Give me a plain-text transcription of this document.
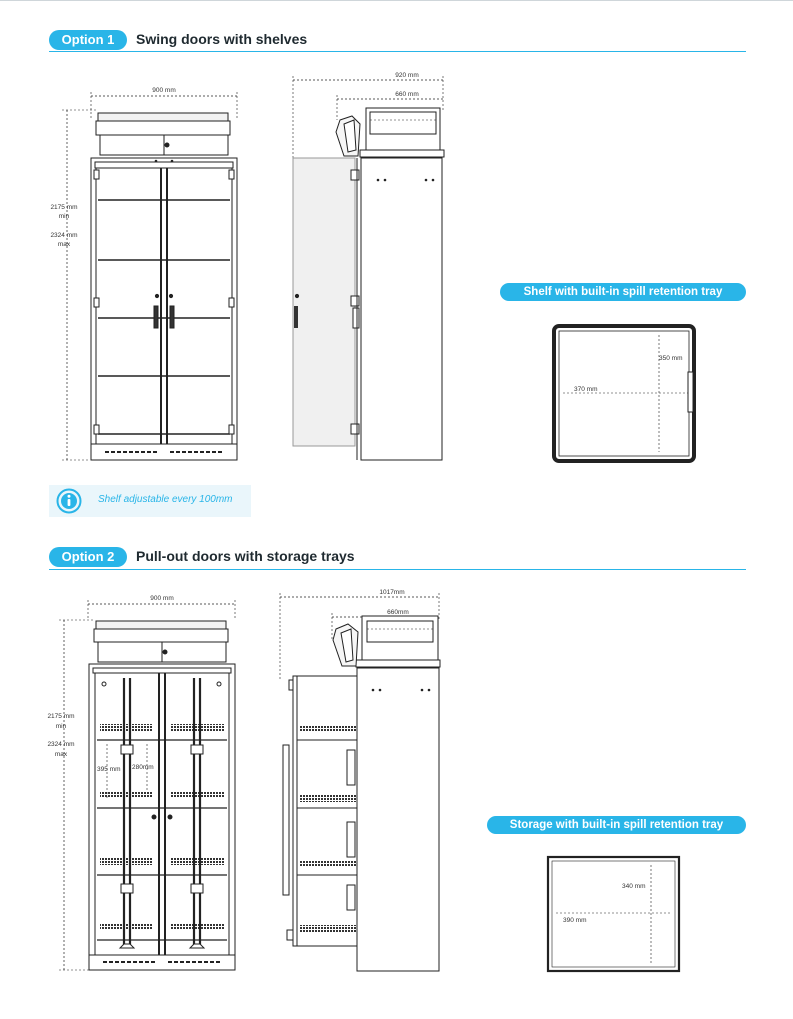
Option 1	Swing doors with shelves
Option 2	Pull-out doors with storage trays
Shelf with built-in spill retention tray
Storage with built-in spill retention tray
Shelf adjustable every 100mm
900 mm
2175 mm
min
2324 mm
max
920 mm
660 mm
350 mm
370 mm
900 mm
2175 mm
min
2324 mm
max
395 mm 280mm
1017mm
660mm
340 mm
390 mm
